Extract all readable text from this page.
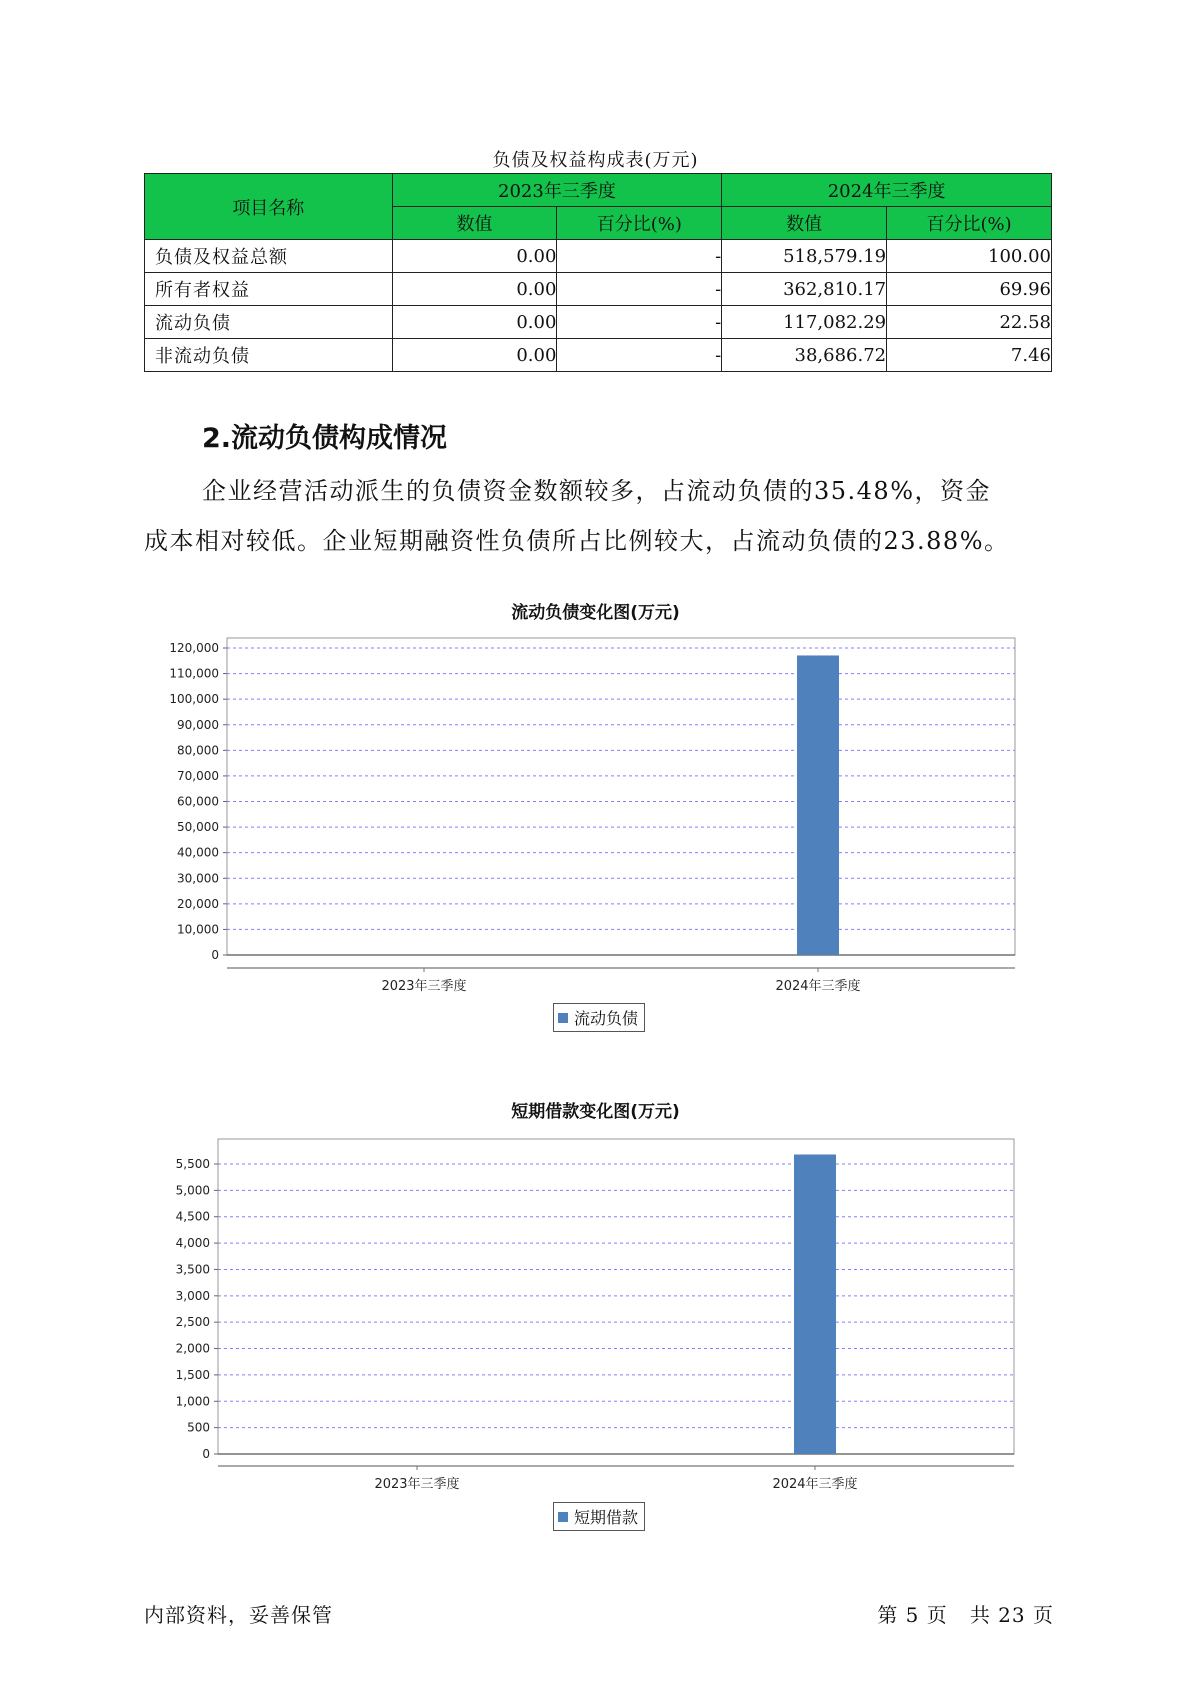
负债及权益构成表(万元)
项目名称	2023年三季度		2024年三季度	
	数值	百分比(%)	数值	百分比(%)
负债及权益总额	0.00	-	518,579.19	100.00
所有者权益	0.00	-	362,810.17	69.96
流动负债	0.00	-	117,082.29	22.58
非流动负债	0.00	-	38,686.72	7.46
2.流动负债构成情况
企业经营活动派生的负债资金数额较多，占流动负债的35.48%，资金
成本相对较低。企业短期融资性负债所占比例较大，占流动负债的23.88%。
流动负债变化图(万元)
0
10,000
20,000
30,000
40,000
50,000
60,000
70,000
80,000
90,000
100,000
110,000
120,000
2023年三季度	2024年三季度
流动负债
短期借款变化图(万元)
0
500
1,000
1,500
2,000
2,500
3,000
3,500
4,000
4,500
5,000
5,500
2023年三季度	2024年三季度
短期借款
内部资料，妥善保管	第 5 页   共 23 页
